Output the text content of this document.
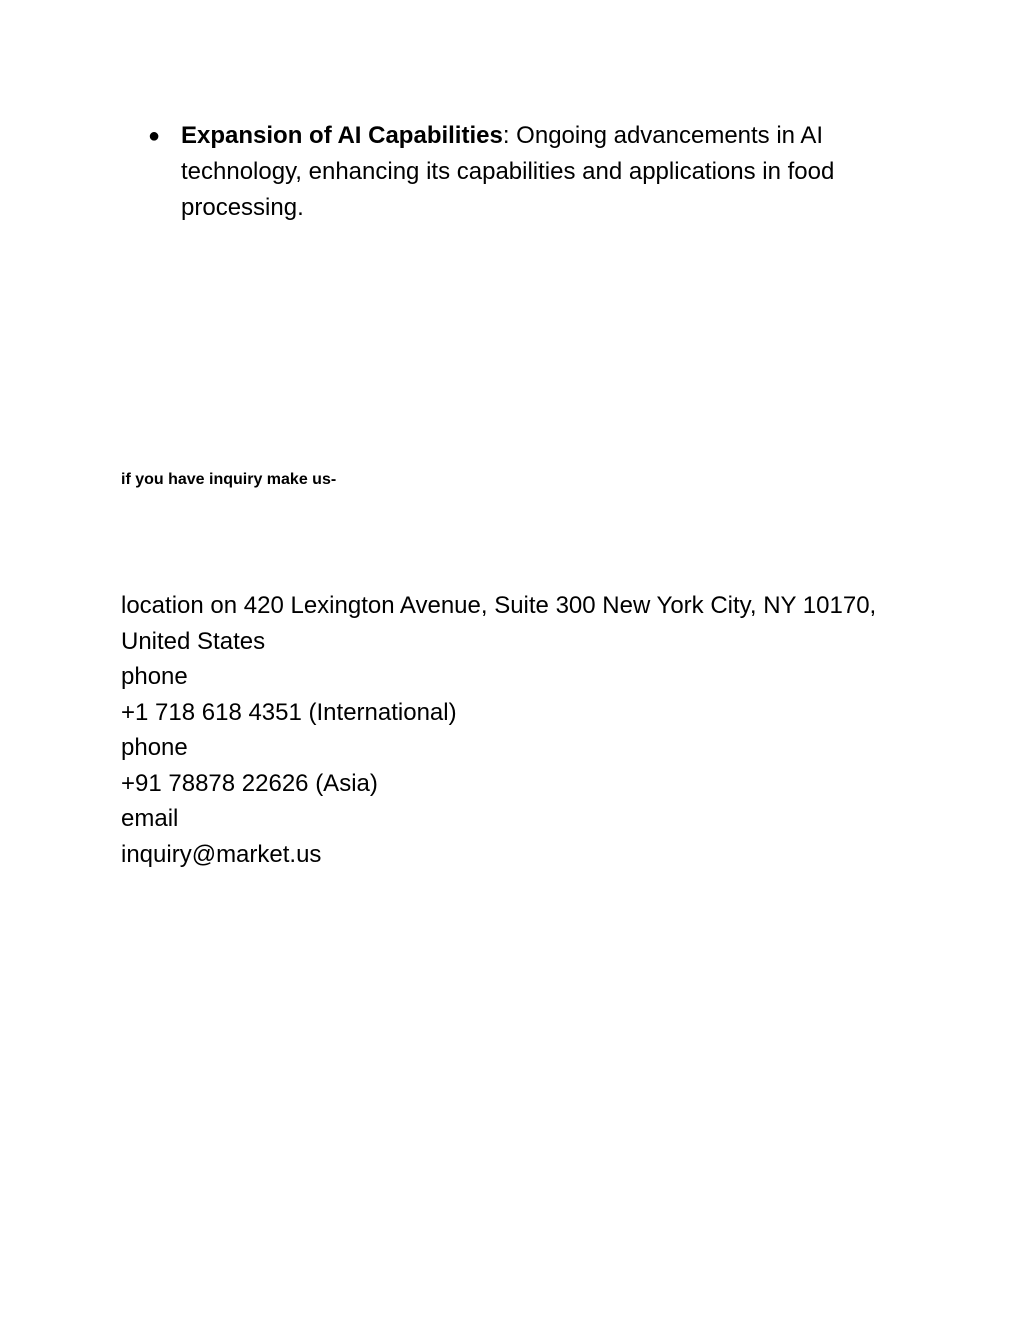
● Expansion of AI Capabilities: Ongoing advancements in AI technology, enhancing its capabilities and applications in food processing.
if you have inquiry make us-
location on 420 Lexington Avenue, Suite 300 New York City, NY 10170,
United States
phone
+1 718 618 4351 (International)
phone
+91 78878 22626 (Asia)
email
inquiry@market.us
